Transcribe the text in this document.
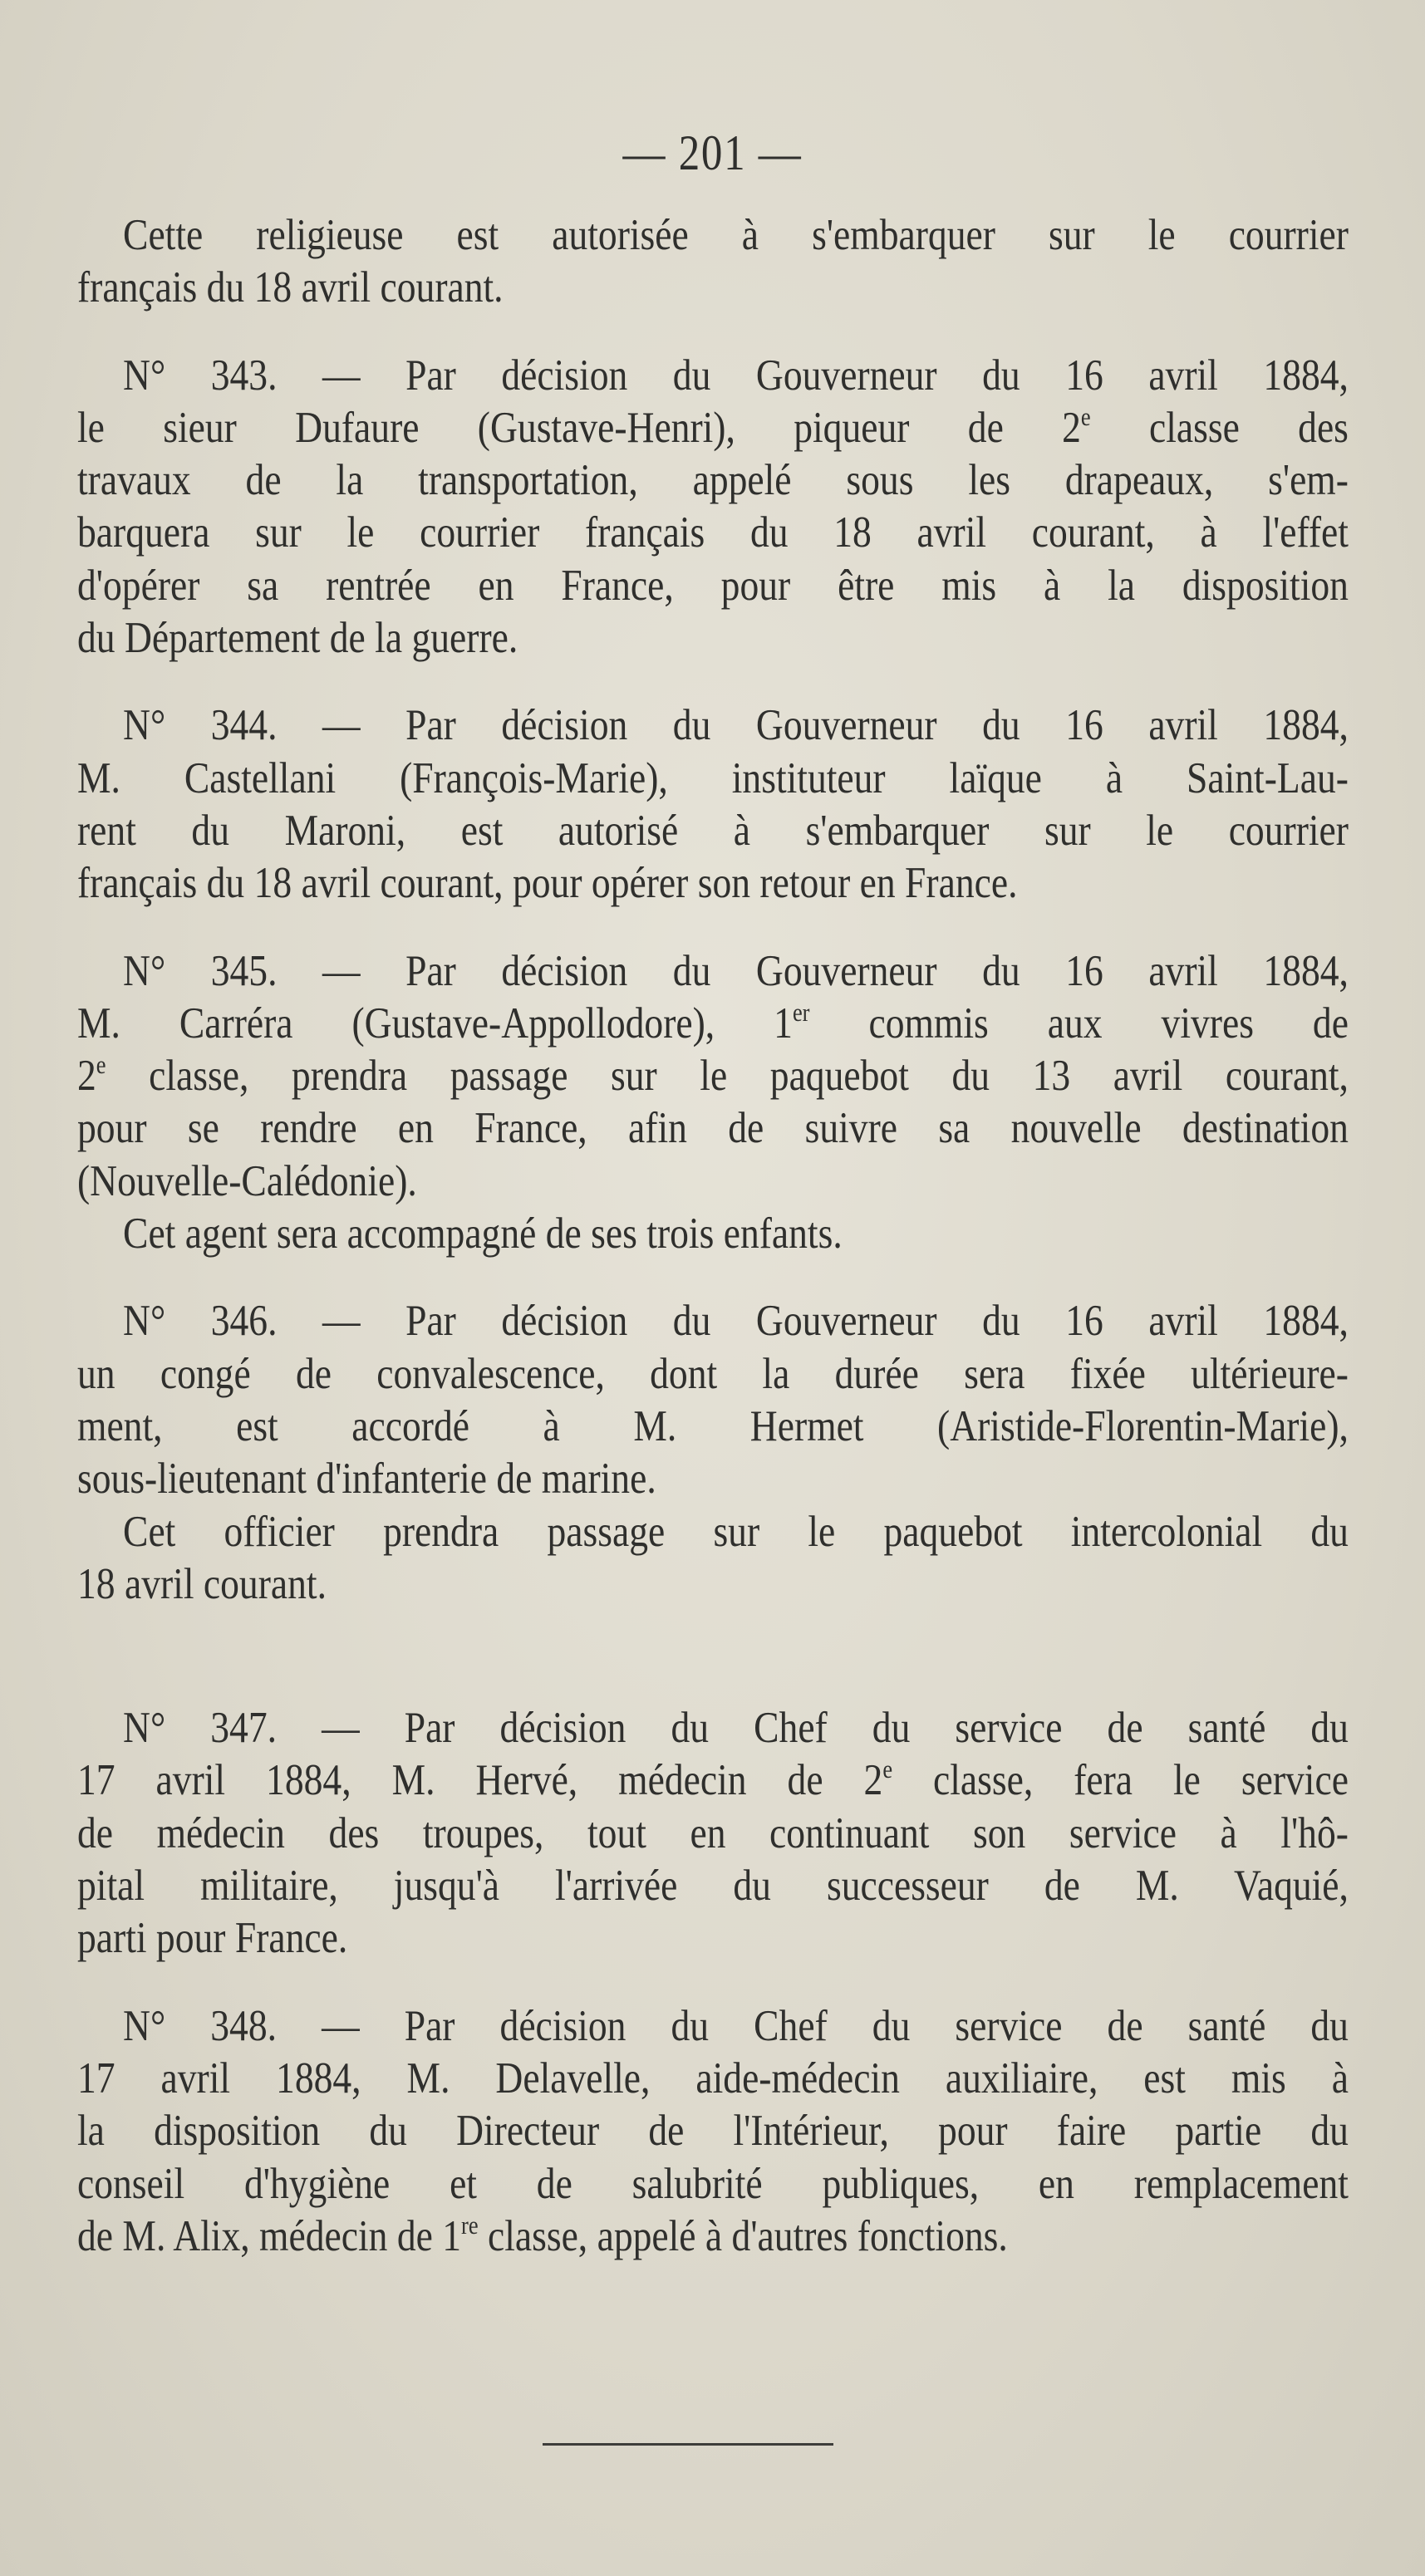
— 201 —
Cette religieuse est autorisée à s'embarquer sur le courrier
français du 18 avril courant.
N° 343. — Par décision du Gouverneur du 16 avril 1884,
le sieur Dufaure (Gustave-Henri), piqueur de 2e classe des
travaux de la transportation, appelé sous les drapeaux, s'em-
barquera sur le courrier français du 18 avril courant, à l'effet
d'opérer sa rentrée en France, pour être mis à la disposition
du Département de la guerre.
N° 344. — Par décision du Gouverneur du 16 avril 1884,
M. Castellani (François-Marie), instituteur laïque à Saint-Lau-
rent du Maroni, est autorisé à s'embarquer sur le courrier
français du 18 avril courant, pour opérer son retour en France.
N° 345. — Par décision du Gouverneur du 16 avril 1884,
M. Carréra (Gustave-Appollodore), 1er commis aux vivres de
2e classe, prendra passage sur le paquebot du 13 avril courant,
pour se rendre en France, afin de suivre sa nouvelle destination
(Nouvelle-Calédonie).
Cet agent sera accompagné de ses trois enfants.
N° 346. — Par décision du Gouverneur du 16 avril 1884,
un congé de convalescence, dont la durée sera fixée ultérieure-
ment, est accordé à M. Hermet (Aristide-Florentin-Marie),
sous-lieutenant d'infanterie de marine.
Cet officier prendra passage sur le paquebot intercolonial du
18 avril courant.
N° 347. — Par décision du Chef du service de santé du
17 avril 1884, M. Hervé, médecin de 2e classe, fera le service
de médecin des troupes, tout en continuant son service à l'hô-
pital militaire, jusqu'à l'arrivée du successeur de M. Vaquié,
parti pour France.
N° 348. — Par décision du Chef du service de santé du
17 avril 1884, M. Delavelle, aide-médecin auxiliaire, est mis à
la disposition du Directeur de l'Intérieur, pour faire partie du
conseil d'hygiène et de salubrité publiques, en remplacement
de M. Alix, médecin de 1re classe, appelé à d'autres fonctions.
